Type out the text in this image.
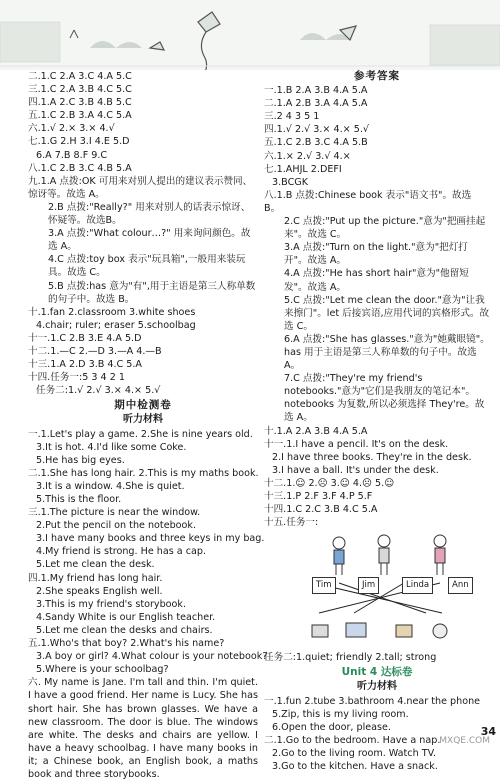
二.1.C 2.A 3.C 4.A 5.C
三.1.C 2.A 3.B 4.C 5.C
四.1.A 2.C 3.B 4.B 5.C
五.1.C 2.B 3.A 4.C 5.A
六.1.√ 2.× 3.× 4.√
七.1.G 2.H 3.I 4.E 5.D
6.A 7.B 8.F 9.C
八.1.C 2.B 3.C 4.B 5.A
九.1.A 点拨:OK 可用来对别人提出的建议表示赞同、惊讶等。故选 A。
2.B 点拨:"Really?" 用来对别人的话表示惊讶、怀疑等。故选B。
3.A 点拨:"What colour…?" 用来询问颜色。故选 A。
4.C 点拨:toy box 表示"玩具箱",一般用来装玩具。故选 C。
5.B 点拨:has 意为"有",用于主语是第三人称单数的句子中。故选 B。
十.1.fan 2.classroom 3.white shoes
4.chair; ruler; eraser 5.schoolbag
十一.1.C 2.B 3.E 4.A 5.D
十二.1.—C 2.—D 3.—A 4.—B
十三.1.A 2.D 3.B 4.C 5.A
十四.任务一:5 3 4 2 1
任务二:1.√ 2.√ 3.× 4.× 5.√
期中检测卷
听力材料
一.1.Let's play a game. 2.She is nine years old.
3.It is hot. 4.I'd like some Coke.
5.He has big eyes.
二.1.She has long hair. 2.This is my maths book.
3.It is a window. 4.She is quiet.
5.This is the floor.
三.1.The picture is near the window.
2.Put the pencil on the notebook.
3.I have many books and three keys in my bag.
4.My friend is strong. He has a cap.
5.Let me clean the desk.
四.1.My friend has long hair.
2.She speaks English well.
3.This is my friend's storybook.
4.Sandy White is our English teacher.
5.Let me clean the desks and chairs.
五.1.Who's that boy? 2.What's his name?
3.A boy or girl? 4.What colour is your notebook?
5.Where is your schoolbag?
六. My name is Jane. I'm tall and thin. I'm quiet. I have a good friend. Her name is Lucy. She has short hair. She has brown glasses. We have a new classroom. The door is blue. The windows are white. The desks and chairs are yellow. I have a heavy schoolbag. I have many books in it; a Chinese book, an English book, a maths book and three storybooks.
参考答案
一.1.B 2.A 3.B 4.A 5.A
二.1.A 2.B 3.A 4.A 5.A
三.2 4 3 5 1
四.1.√ 2.√ 3.× 4.× 5.√
五.1.C 2.B 3.C 4.A 5.B
六.1.× 2.√ 3.√ 4.×
七.1.AHJL 2.DEFI
3.BCGK
八.1.B 点拨:Chinese book 表示"语文书"。故选 B。
2.C 点拨:"Put up the picture."意为"把画挂起来"。故选 C。
3.A 点拨:"Turn on the light."意为"把灯打开"。故选 A。
4.A 点拨:"He has short hair"意为"他留短发"。故选 A。
5.C 点拨:"Let me clean the door."意为"让我来擦门"。let 后接宾语,应用代词的宾格形式。故选 C。
6.A 点拨:"She has glasses."意为"她戴眼镜"。has 用于主语是第三人称单数的句子中。故选A。
7.C 点拨:"They're my friend's notebooks."意为"它们是我朋友的笔记本"。notebooks 为复数,所以必须选择 They're。故选 A。
十.1.A 2.A 3.B 4.A 5.A
十一.1.I have a pencil. It's on the desk.
2.I have three books. They're in the desk.
3.I have a ball. It's under the desk.
十二.1.☺ 2.☹ 3.☺ 4.☹ 5.☺
十三.1.P 2.F 3.F 4.P 5.F
十四.1.C 2.C 3.B 4.C 5.A
十五.任务一:
Tim	Jim	Linda	Ann
任务二:1.quiet; friendly 2.tall; strong
Unit 4 达标卷
听力材料
一.1.fun 2.tube 3.bathroom 4.near the phone
5.Zip, this is my living room.
6.Open the door, please.
二.1.Go to the bedroom. Have a nap.
2.Go to the living room. Watch TV.
3.Go to the kitchen. Have a snack.
34
MXQE.COM
